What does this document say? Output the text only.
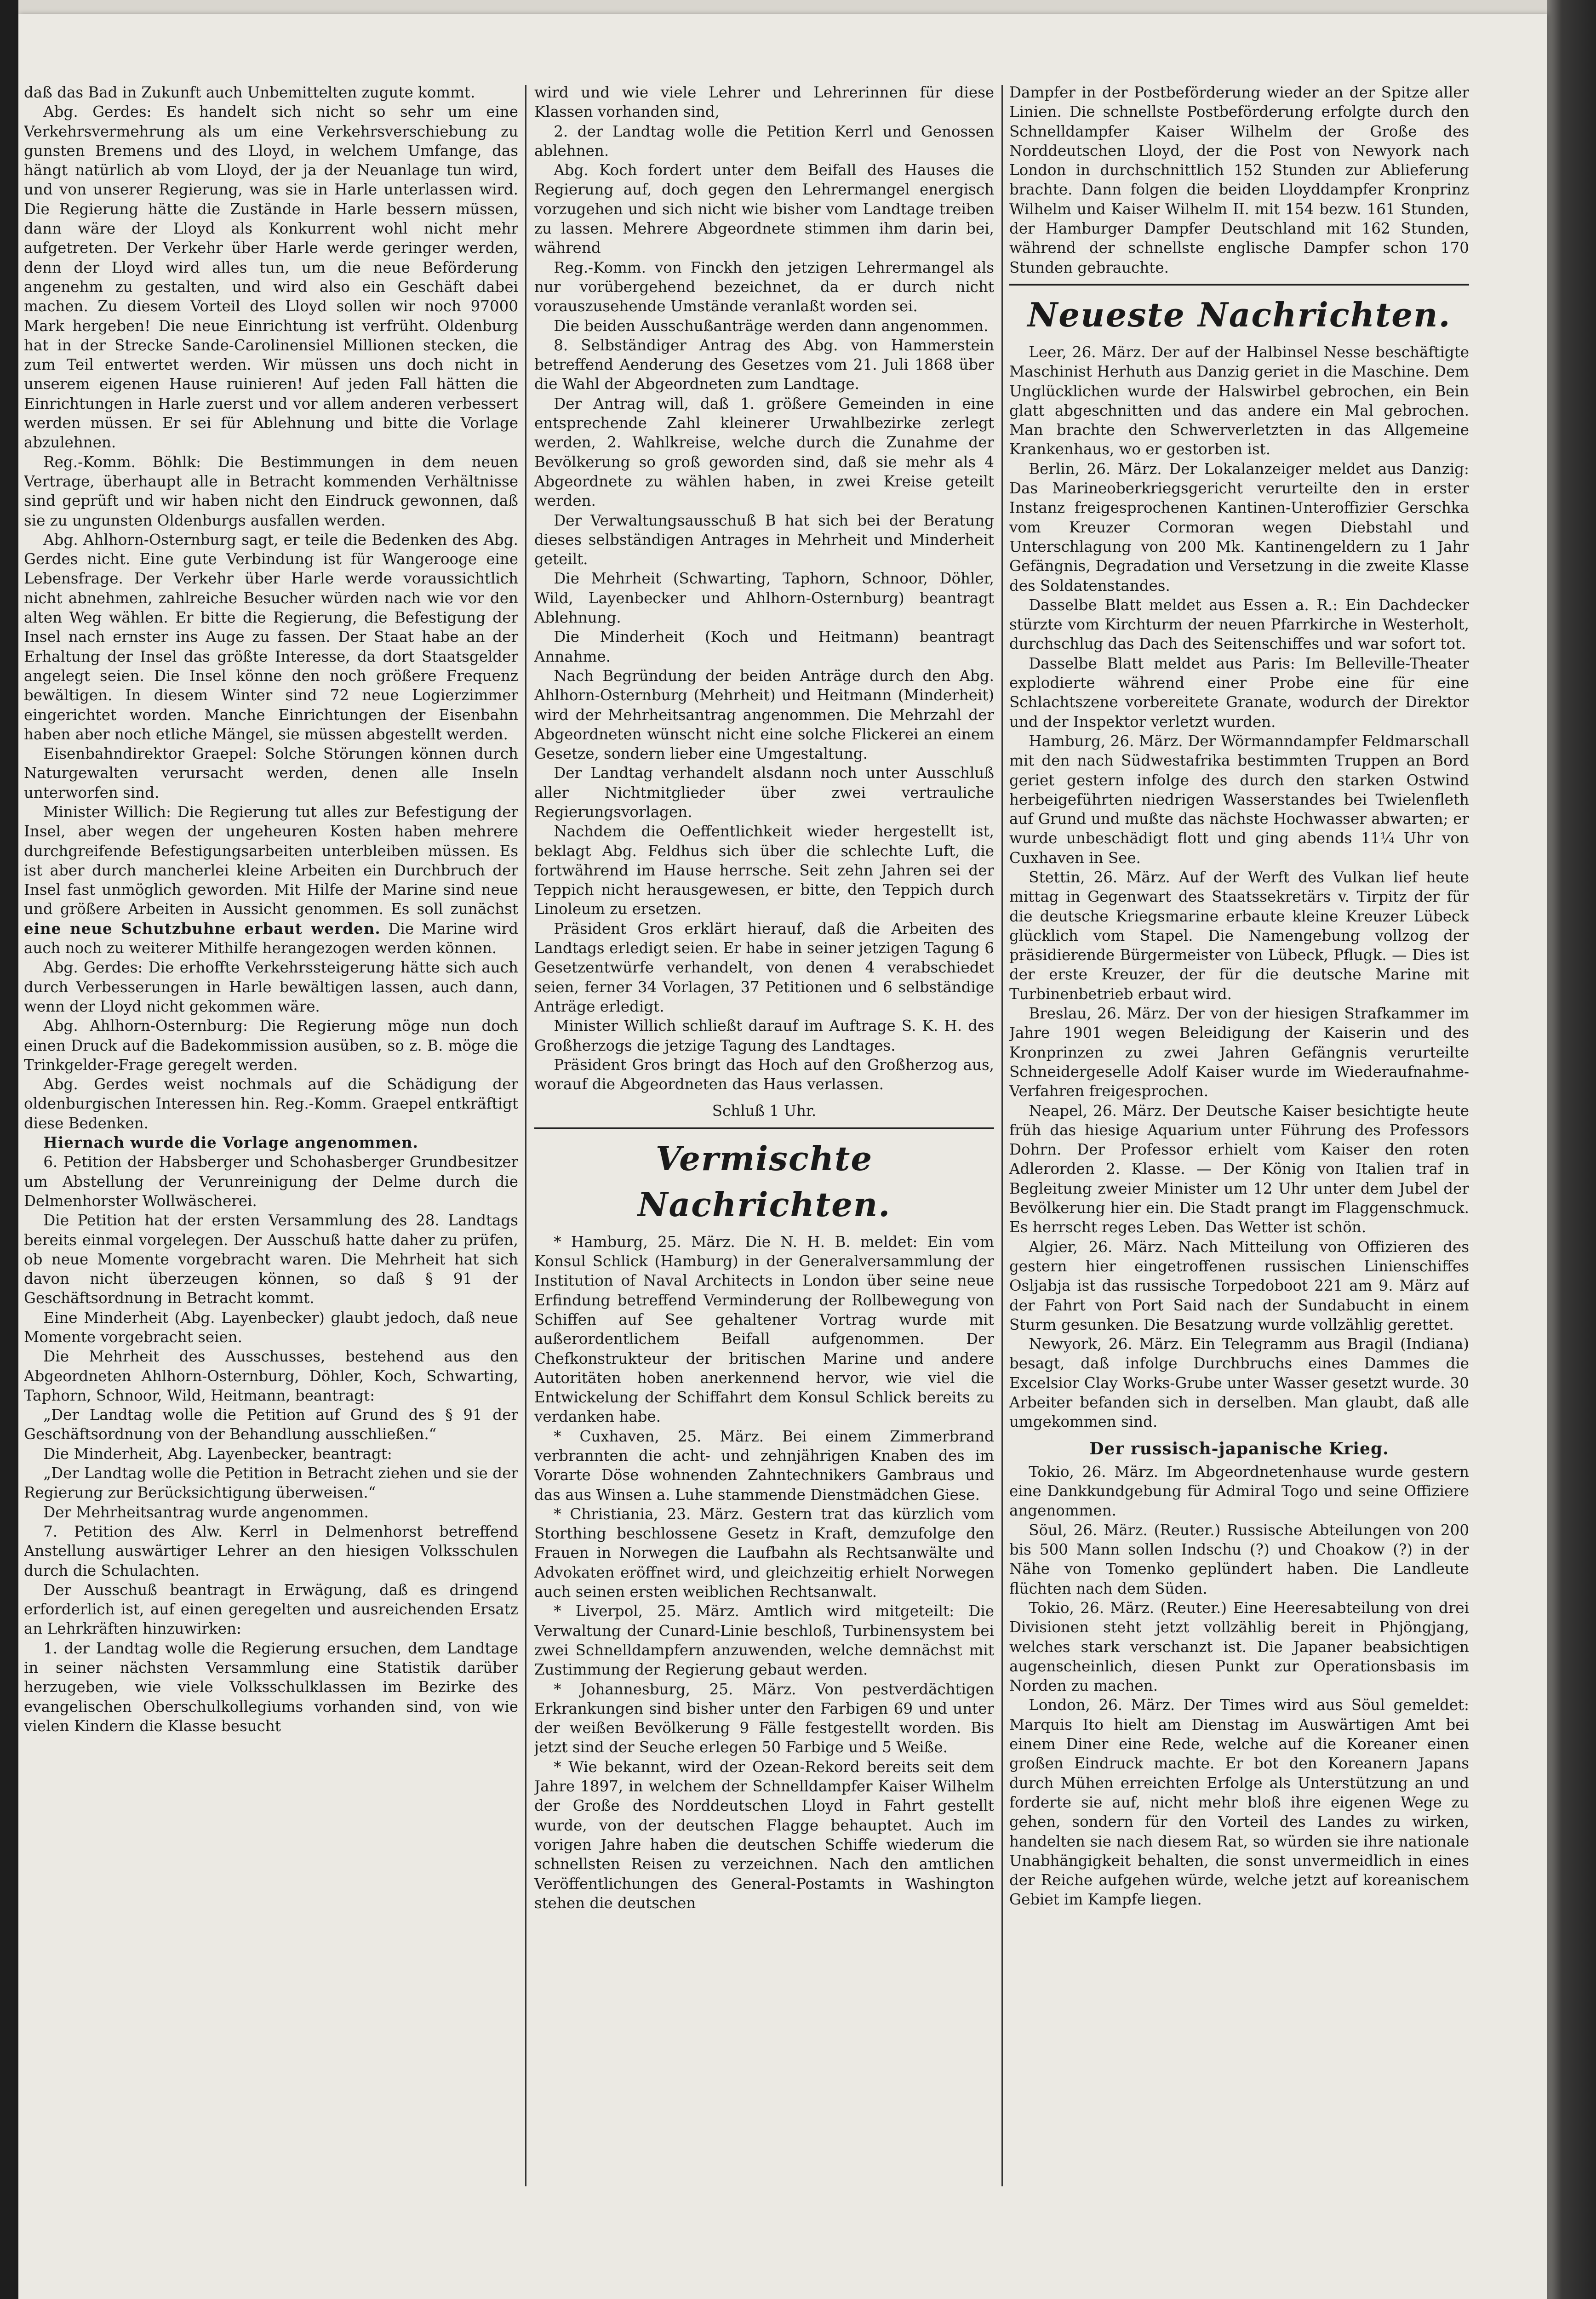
daß das Bad in Zukunft auch Unbemittelten zugute kommt.

Abg. Gerdes: Es handelt sich nicht so sehr um eine Verkehrsvermehrung als um eine Verkehrsverschiebung zu gunsten Bremens und des Lloyd, in welchem Umfange, das hängt natürlich ab vom Lloyd, der ja der Neuanlage tun wird, und von unserer Regierung, was sie in Harle unterlassen wird. Die Regierung hätte die Zustände in Harle bessern müssen, dann wäre der Lloyd als Konkurrent wohl nicht mehr aufgetreten. Der Verkehr über Harle werde geringer werden, denn der Lloyd wird alles tun, um die neue Beförderung angenehm zu gestalten, und wird also ein Geschäft dabei machen. Zu diesem Vorteil des Lloyd sollen wir noch 97000 Mark hergeben! Die neue Einrichtung ist verfrüht. Oldenburg hat in der Strecke Sande-Carolinensiel Millionen stecken, die zum Teil entwertet werden. Wir müssen uns doch nicht in unserem eigenen Hause ruinieren! Auf jeden Fall hätten die Einrichtungen in Harle zuerst und vor allem anderen verbessert werden müssen. Er sei für Ablehnung und bitte die Vorlage abzulehnen.

Reg.-Komm. Böhlk: Die Bestimmungen in dem neuen Vertrage, überhaupt alle in Betracht kommenden Verhältnisse sind geprüft und wir haben nicht den Eindruck gewonnen, daß sie zu ungunsten Oldenburgs ausfallen werden.

Abg. Ahlhorn-Osternburg sagt, er teile die Bedenken des Abg. Gerdes nicht. Eine gute Verbindung ist für Wangerooge eine Lebensfrage. Der Verkehr über Harle werde voraussichtlich nicht abnehmen, zahlreiche Besucher würden nach wie vor den alten Weg wählen. Er bitte die Regierung, die Befestigung der Insel nach ernster ins Auge zu fassen. Der Staat habe an der Erhaltung der Insel das größte Interesse, da dort Staatsgelder angelegt seien. Die Insel könne den noch größere Frequenz bewältigen. In diesem Winter sind 72 neue Logierzimmer eingerichtet worden. Manche Einrichtungen der Eisenbahn haben aber noch etliche Mängel, sie müssen abgestellt werden.

Eisenbahndirektor Graepel: Solche Störungen können durch Naturgewalten verursacht werden, denen alle Inseln unterworfen sind.

Minister Willich: Die Regierung tut alles zur Befestigung der Insel, aber wegen der ungeheuren Kosten haben mehrere durchgreifende Befestigungsarbeiten unterbleiben müssen. Es ist aber durch mancherlei kleine Arbeiten ein Durchbruch der Insel fast unmöglich geworden. Mit Hilfe der Marine sind neue und größere Arbeiten in Aussicht genommen. Es soll zunächst eine neue Schutzbuhne erbaut werden. Die Marine wird auch noch zu weiterer Mithilfe herangezogen werden können.

Abg. Gerdes: Die erhoffte Verkehrssteigerung hätte sich auch durch Verbesserungen in Harle bewältigen lassen, auch dann, wenn der Lloyd nicht gekommen wäre.

Abg. Ahlhorn-Osternburg: Die Regierung möge nun doch einen Druck auf die Badekommission ausüben, so z. B. möge die Trinkgelder-Frage geregelt werden.

Abg. Gerdes weist nochmals auf die Schädigung der oldenburgischen Interessen hin. Reg.-Komm. Graepel entkräftigt diese Bedenken.

Hiernach wurde die Vorlage angenommen.

6. Petition der Habsberger und Schohasberger Grundbesitzer um Abstellung der Verunreinigung der Delme durch die Delmenhorster Wollwäscherei.

Die Petition hat der ersten Versammlung des 28. Landtags bereits einmal vorgelegen. Der Ausschuß hatte daher zu prüfen, ob neue Momente vorgebracht waren. Die Mehrheit hat sich davon nicht überzeugen können, so daß § 91 der Geschäftsordnung in Betracht kommt.

Eine Minderheit (Abg. Layenbecker) glaubt jedoch, daß neue Momente vorgebracht seien.

Die Mehrheit des Ausschusses, bestehend aus den Abgeordneten Ahlhorn-Osternburg, Döhler, Koch, Schwarting, Taphorn, Schnoor, Wild, Heitmann, beantragt:

„Der Landtag wolle die Petition auf Grund des § 91 der Geschäftsordnung von der Behandlung ausschließen.“

Die Minderheit, Abg. Layenbecker, beantragt:

„Der Landtag wolle die Petition in Betracht ziehen und sie der Regierung zur Berücksichtigung überweisen.“

Der Mehrheitsantrag wurde angenommen.

7. Petition des Alw. Kerrl in Delmenhorst betreffend Anstellung auswärtiger Lehrer an den hiesigen Volksschulen durch die Schulachten.

Der Ausschuß beantragt in Erwägung, daß es dringend erforderlich ist, auf einen geregelten und ausreichenden Ersatz an Lehrkräften hinzuwirken:

1. der Landtag wolle die Regierung ersuchen, dem Landtage in seiner nächsten Versammlung eine Statistik darüber herzugeben, wie viele Volksschulklassen im Bezirke des evangelischen Oberschulkollegiums vorhanden sind, von wie vielen Kindern die Klasse besucht

wird und wie viele Lehrer und Lehrerinnen für diese Klassen vorhanden sind,

2. der Landtag wolle die Petition Kerrl und Genossen ablehnen.

Abg. Koch fordert unter dem Beifall des Hauses die Regierung auf, doch gegen den Lehrermangel energisch vorzugehen und sich nicht wie bisher vom Landtage treiben zu lassen. Mehrere Abgeordnete stimmen ihm darin bei, während

Reg.-Komm. von Finckh den jetzigen Lehrermangel als nur vorübergehend bezeichnet, da er durch nicht vorauszusehende Umstände veranlaßt worden sei.

Die beiden Ausschußanträge werden dann angenommen.

8. Selbständiger Antrag des Abg. von Hammerstein betreffend Aenderung des Gesetzes vom 21. Juli 1868 über die Wahl der Abgeordneten zum Landtage.

Der Antrag will, daß 1. größere Gemeinden in eine entsprechende Zahl kleinerer Urwahlbezirke zerlegt werden, 2. Wahlkreise, welche durch die Zunahme der Bevölkerung so groß geworden sind, daß sie mehr als 4 Abgeordnete zu wählen haben, in zwei Kreise geteilt werden.

Der Verwaltungsausschuß B hat sich bei der Beratung dieses selbständigen Antrages in Mehrheit und Minderheit geteilt.

Die Mehrheit (Schwarting, Taphorn, Schnoor, Döhler, Wild, Layenbecker und Ahlhorn-Osternburg) beantragt Ablehnung.

Die Minderheit (Koch und Heitmann) beantragt Annahme.

Nach Begründung der beiden Anträge durch den Abg. Ahlhorn-Osternburg (Mehrheit) und Heitmann (Minderheit) wird der Mehrheitsantrag angenommen. Die Mehrzahl der Abgeordneten wünscht nicht eine solche Flickerei an einem Gesetze, sondern lieber eine Umgestaltung.

Der Landtag verhandelt alsdann noch unter Ausschluß aller Nichtmitglieder über zwei vertrauliche Regierungsvorlagen.

Nachdem die Oeffentlichkeit wieder hergestellt ist, beklagt Abg. Feldhus sich über die schlechte Luft, die fortwährend im Hause herrsche. Seit zehn Jahren sei der Teppich nicht herausgewesen, er bitte, den Teppich durch Linoleum zu ersetzen.

Präsident Gros erklärt hierauf, daß die Arbeiten des Landtags erledigt seien. Er habe in seiner jetzigen Tagung 6 Gesetzentwürfe verhandelt, von denen 4 verabschiedet seien, ferner 34 Vorlagen, 37 Petitionen und 6 selbständige Anträge erledigt.

Minister Willich schließt darauf im Auftrage S. K. H. des Großherzogs die jetzige Tagung des Landtages.

Präsident Gros bringt das Hoch auf den Großherzog aus, worauf die Abgeordneten das Haus verlassen.

Schluß 1 Uhr.

Vermischte Nachrichten.

* Hamburg, 25. März. Die N. H. B. meldet: Ein vom Konsul Schlick (Hamburg) in der Generalversammlung der Institution of Naval Architects in London über seine neue Erfindung betreffend Verminderung der Rollbewegung von Schiffen auf See gehaltener Vortrag wurde mit außerordentlichem Beifall aufgenommen. Der Chefkonstrukteur der britischen Marine und andere Autoritäten hoben anerkennend hervor, wie viel die Entwickelung der Schiffahrt dem Konsul Schlick bereits zu verdanken habe.

* Cuxhaven, 25. März. Bei einem Zimmerbrand verbrannten die acht- und zehnjährigen Knaben des im Vorarte Döse wohnenden Zahntechnikers Gambraus und das aus Winsen a. Luhe stammende Dienstmädchen Giese.

* Christiania, 23. März. Gestern trat das kürzlich vom Storthing beschlossene Gesetz in Kraft, demzufolge den Frauen in Norwegen die Laufbahn als Rechtsanwälte und Advokaten eröffnet wird, und gleichzeitig erhielt Norwegen auch seinen ersten weiblichen Rechtsanwalt.

* Liverpol, 25. März. Amtlich wird mitgeteilt: Die Verwaltung der Cunard-Linie beschloß, Turbinensystem bei zwei Schnelldampfern anzuwenden, welche demnächst mit Zustimmung der Regierung gebaut werden.

* Johannesburg, 25. März. Von pestverdächtigen Erkrankungen sind bisher unter den Farbigen 69 und unter der weißen Bevölkerung 9 Fälle festgestellt worden. Bis jetzt sind der Seuche erlegen 50 Farbige und 5 Weiße.

* Wie bekannt, wird der Ozean-Rekord bereits seit dem Jahre 1897, in welchem der Schnelldampfer Kaiser Wilhelm der Große des Norddeutschen Lloyd in Fahrt gestellt wurde, von der deutschen Flagge behauptet. Auch im vorigen Jahre haben die deutschen Schiffe wiederum die schnellsten Reisen zu verzeichnen. Nach den amtlichen Veröffentlichungen des General-Postamts in Washington stehen die deutschen

Dampfer in der Postbeförderung wieder an der Spitze aller Linien. Die schnellste Postbeförderung erfolgte durch den Schnelldampfer Kaiser Wilhelm der Große des Norddeutschen Lloyd, der die Post von Newyork nach London in durchschnittlich 152 Stunden zur Ablieferung brachte. Dann folgen die beiden Lloyddampfer Kronprinz Wilhelm und Kaiser Wilhelm II. mit 154 bezw. 161 Stunden, der Hamburger Dampfer Deutschland mit 162 Stunden, während der schnellste englische Dampfer schon 170 Stunden gebrauchte.

Neueste Nachrichten.

Leer, 26. März. Der auf der Halbinsel Nesse beschäftigte Maschinist Herhuth aus Danzig geriet in die Maschine. Dem Unglücklichen wurde der Halswirbel gebrochen, ein Bein glatt abgeschnitten und das andere ein Mal gebrochen. Man brachte den Schwerverletzten in das Allgemeine Krankenhaus, wo er gestorben ist.

Berlin, 26. März. Der Lokalanzeiger meldet aus Danzig: Das Marineoberkriegsgericht verurteilte den in erster Instanz freigesprochenen Kantinen-Unteroffizier Gerschka vom Kreuzer Cormoran wegen Diebstahl und Unterschlagung von 200 Mk. Kantinengeldern zu 1 Jahr Gefängnis, Degradation und Versetzung in die zweite Klasse des Soldatenstandes.

Dasselbe Blatt meldet aus Essen a. R.: Ein Dachdecker stürzte vom Kirchturm der neuen Pfarrkirche in Westerholt, durchschlug das Dach des Seitenschiffes und war sofort tot.

Dasselbe Blatt meldet aus Paris: Im Belleville-Theater explodierte während einer Probe eine für eine Schlachtszene vorbereitete Granate, wodurch der Direktor und der Inspektor verletzt wurden.

Hamburg, 26. März. Der Wörmanndampfer Feldmarschall mit den nach Südwestafrika bestimmten Truppen an Bord geriet gestern infolge des durch den starken Ostwind herbeigeführten niedrigen Wasserstandes bei Twielenfleth auf Grund und mußte das nächste Hochwasser abwarten; er wurde unbeschädigt flott und ging abends 11¼ Uhr von Cuxhaven in See.

Stettin, 26. März. Auf der Werft des Vulkan lief heute mittag in Gegenwart des Staatssekretärs v. Tirpitz der für die deutsche Kriegsmarine erbaute kleine Kreuzer Lübeck glücklich vom Stapel. Die Namengebung vollzog der präsidierende Bürgermeister von Lübeck, Pflugk. — Dies ist der erste Kreuzer, der für die deutsche Marine mit Turbinenbetrieb erbaut wird.

Breslau, 26. März. Der von der hiesigen Strafkammer im Jahre 1901 wegen Beleidigung der Kaiserin und des Kronprinzen zu zwei Jahren Gefängnis verurteilte Schneidergeselle Adolf Kaiser wurde im Wiederaufnahme-Verfahren freigesprochen.

Neapel, 26. März. Der Deutsche Kaiser besichtigte heute früh das hiesige Aquarium unter Führung des Professors Dohrn. Der Professor erhielt vom Kaiser den roten Adlerorden 2. Klasse. — Der König von Italien traf in Begleitung zweier Minister um 12 Uhr unter dem Jubel der Bevölkerung hier ein. Die Stadt prangt im Flaggenschmuck. Es herrscht reges Leben. Das Wetter ist schön.

Algier, 26. März. Nach Mitteilung von Offizieren des gestern hier eingetroffenen russischen Linienschiffes Osljabja ist das russische Torpedoboot 221 am 9. März auf der Fahrt von Port Said nach der Sundabucht in einem Sturm gesunken. Die Besatzung wurde vollzählig gerettet.

Newyork, 26. März. Ein Telegramm aus Bragil (Indiana) besagt, daß infolge Durchbruchs eines Dammes die Excelsior Clay Works-Grube unter Wasser gesetzt wurde. 30 Arbeiter befanden sich in derselben. Man glaubt, daß alle umgekommen sind.

Der russisch-japanische Krieg.

Tokio, 26. März. Im Abgeordnetenhause wurde gestern eine Dankkundgebung für Admiral Togo und seine Offiziere angenommen.

Söul, 26. März. (Reuter.) Russische Abteilungen von 200 bis 500 Mann sollen Indschu (?) und Choakow (?) in der Nähe von Tomenko geplündert haben. Die Landleute flüchten nach dem Süden.

Tokio, 26. März. (Reuter.) Eine Heeresabteilung von drei Divisionen steht jetzt vollzählig bereit in Phjöngjang, welches stark verschanzt ist. Die Japaner beabsichtigen augenscheinlich, diesen Punkt zur Operationsbasis im Norden zu machen.

London, 26. März. Der Times wird aus Söul gemeldet: Marquis Ito hielt am Dienstag im Auswärtigen Amt bei einem Diner eine Rede, welche auf die Koreaner einen großen Eindruck machte. Er bot den Koreanern Japans durch Mühen erreichten Erfolge als Unterstützung an und forderte sie auf, nicht mehr bloß ihre eigenen Wege zu gehen, sondern für den Vorteil des Landes zu wirken, handelten sie nach diesem Rat, so würden sie ihre nationale Unabhängigkeit behalten, die sonst unvermeidlich in eines der Reiche aufgehen würde, welche jetzt auf koreanischem Gebiet im Kampfe liegen.
